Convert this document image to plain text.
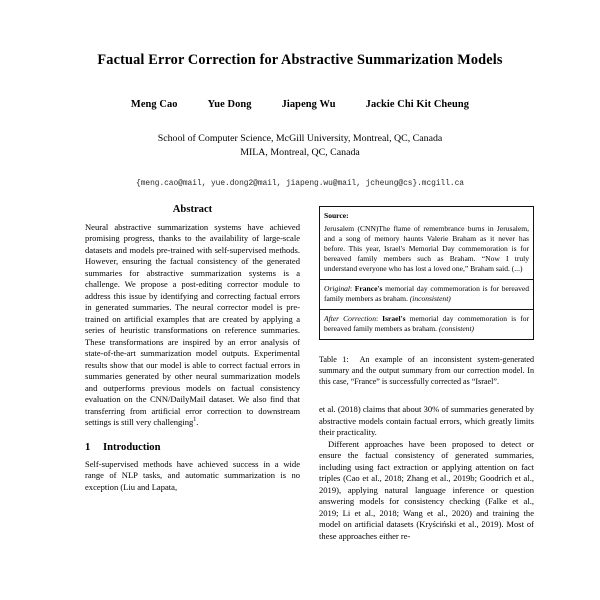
Factual Error Correction for Abstractive Summarization Models
Meng Cao	Yue Dong	Jiapeng Wu	Jackie Chi Kit Cheung
School of Computer Science, McGill University, Montreal, QC, Canada
MILA, Montreal, QC, Canada
{meng.cao@mail, yue.dong2@mail, jiapeng.wu@mail, jcheung@cs}.mcgill.ca
Abstract

Neural abstractive summarization systems have achieved promising progress, thanks to the availability of large-scale datasets and models pre-trained with self-supervised methods. However, ensuring the factual consistency of the generated summaries for abstractive summarization systems is a challenge. We propose a post-editing corrector module to address this issue by identifying and correcting factual errors in generated summaries. The neural corrector model is pre-trained on artificial examples that are created by applying a series of heuristic transformations on reference summaries. These transformations are inspired by an error analysis of state-of-the-art summarization model outputs. Experimental results show that our model is able to correct factual errors in summaries generated by other neural summarization models and outperforms previous models on factual consistency evaluation on the CNN/DailyMail dataset. We also find that transferring from artificial error correction to downstream settings is still very challenging$^1$.

1	Introduction

Self-supervised methods have achieved success in a wide range of NLP tasks, and automatic summarization is no exception (Liu and Lapata,

Source:
Jerusalem (CNN)The flame of remembrance burns in Jerusalem, and a song of memory haunts Valerie Braham as it never has before. This year, Israel's Memorial Day commemoration is for bereaved family members such as Braham. “Now I truly understand everyone who has lost a loved one,” Braham said. (...)
Original: France's memorial day commemoration is for bereaved family members as braham. (inconsistent)
After Correction: Israel's memorial day commemoration is for bereaved family members as braham. (consistent)

Table 1: An example of an inconsistent system-generated summary and the output summary from our correction model. In this case, “France” is successfully corrected as “Israel”.

et al. (2018) claims that about 30% of summaries generated by abstractive models contain factual errors, which greatly limits their practicality.

Different approaches have been proposed to detect or ensure the factual consistency of generated summaries, including using fact extraction or applying attention on fact triples (Cao et al., 2018; Zhang et al., 2019b; Goodrich et al., 2019), applying natural language inference or question answering models for consistency checking (Falke et al., 2019; Li et al., 2018; Wang et al., 2020) and training the model on artificial datasets (Kryściński et al., 2019). Most of these approaches either re-
